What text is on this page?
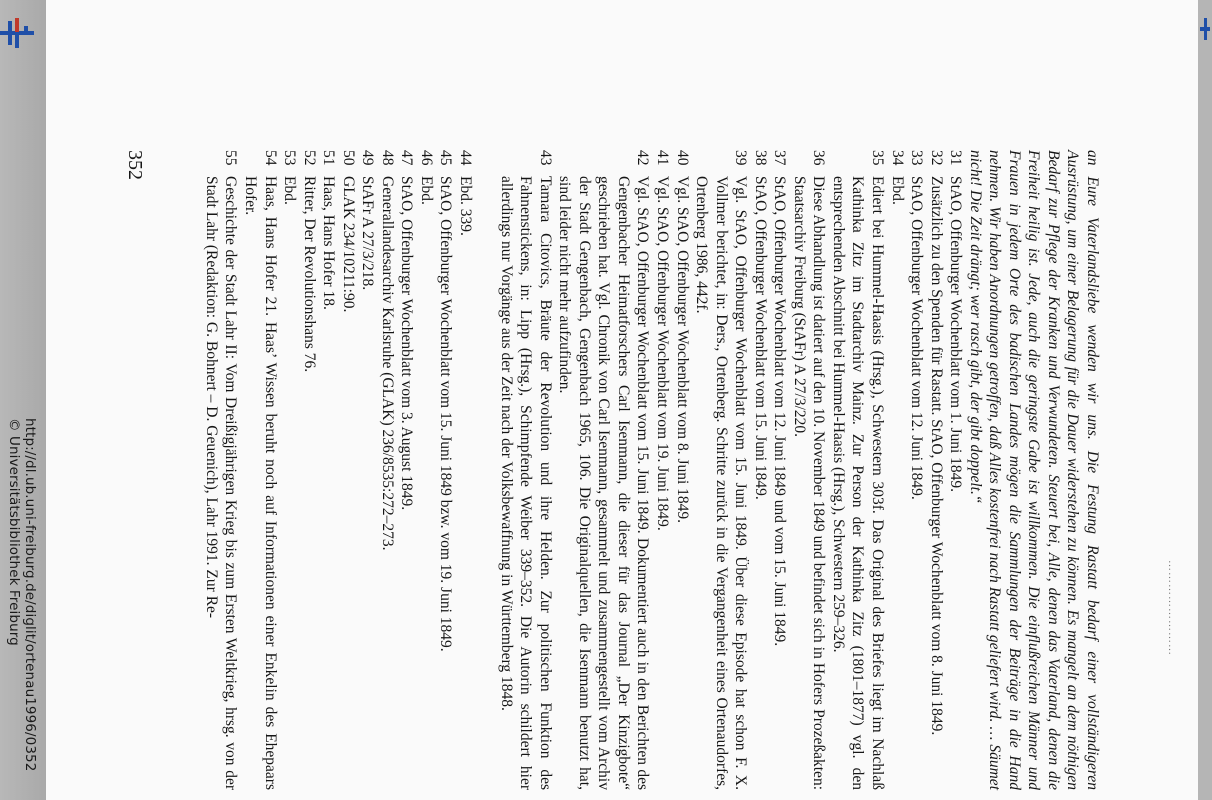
http://dl.ub.uni-freiburg.de/diglit/ortenau1996/0352
© Universitätsbibliothek Freiburg	……………………
an Eure Vaterlandsliebe wenden wir uns. Die Festung Rastatt bedarf einer vollständigeren Ausrüstung, um einer Belagerung für die Dauer widerstehen zu können. Es mangelt an dem nöthigen Bedarf zur Pflege der Kranken und Verwundeten. Steuert bei, Alle, denen das Vaterland, denen die Freiheit heilig ist. Jede, auch die geringste Gabe ist willkommen. Die einflußreichen Männer und Frauen in jedem Orte des badischen Landes mögen die Sammlungen der Beiträge in die Hand nehmen. Wir haben Anordnungen getroffen, daß Alles kostenfrei nach Rastatt geliefert wird. … Säumet nicht! Die Zeit drängt; wer rasch gibt, der gibt doppelt.“
31
StAO, Offenburger Wochenblatt vom 1. Juni 1849.
32
Zusätzlich zu den Spenden für Rastatt. StAO, Offenburger Wochenblatt vom 8. Juni 1849.
33
StAO, Offenburger Wochenblatt vom 12. Juni 1849.
34
Ebd.
35
Ediert bei Hummel-Haasis (Hrsg.), Schwestern 303f. Das Original des Briefes liegt im Nachlaß Kathinka Zitz im Stadtarchiv Mainz. Zur Person der Kathinka Zitz (1801–1877) vgl. den entsprechenden Abschnitt bei Hummel-Haasis (Hrsg.), Schwestern 259–326.
36
Diese Abhandlung ist datiert auf den 10. November 1849 und befindet sich in Hofers Prozeßakten: Staatsarchiv Freiburg (StAFr) A 27/3/220.
37
StAO, Offenburger Wochenblatt vom 12. Juni 1849 und vom 15. Juni 1849.
38
StAO, Offenburger Wochenblatt vom 15. Juni 1849.
39
Vgl. StAO, Offenburger Wochenblatt vom 15. Juni 1849. Über diese Episode hat schon F. X. Vollmer berichtet, in: Ders., Ortenberg. Schritte zurück in die Vergangenheit eines Ortenaudorfes, Ortenberg 1986, 442f.
40
Vgl. StAO, Offenburger Wochenblatt vom 8. Juni 1849.
41
Vgl. StAO, Offenburger Wochenblatt vom 19. Juni 1849.
42
Vgl. StAO, Offenburger Wochenblatt vom 15. Juni 1849. Dokumentiert auch in den Berichten des Gengenbacher Heimatforschers Carl Isenmann, die dieser für das Journal „Der Kinzigbote“ geschrieben hat. Vgl. Chronik von Carl Isenmann, gesammelt und zusammengestellt vom Archiv der Stadt Gengenbach, Gengenbach 1965, 106. Die Originalquellen, die Isenmann benutzt hat, sind leider nicht mehr aufzufinden.
43
Tamara Citovics, Bräute der Revolution und ihre Helden. Zur politischen Funktion des Fahnenstickens, in: Lipp (Hrsg.), Schimpfende Weiber 339–352. Die Autorin schildert hier allerdings nur Vorgänge aus der Zeit nach der Volksbewaffnung in Württemberg 1848.
44
Ebd. 339.
45
StAO, Offenburger Wochenblatt vom 15. Juni 1849 bzw. vom 19. Juni 1849.
46
Ebd.
47
StAO, Offenburger Wochenblatt vom 3. August 1849.
48
Generallandesarchiv Karlsruhe (GLAK) 236/8535:272–273.
49
StAFr A 27/3/218.
50
GLAK 234/10211:90.
51
Haas, Hans Hofer 18.
52
Ritter, Der Revolutionshans 76.
53
Ebd.
54
Haas, Hans Hofer 21. Haas’ Wissen beruht noch auf Informationen einer Enkelin des Ehepaars Hofer.
55
Geschichte der Stadt Lahr II: Vom Dreißigjährigen Krieg bis zum Ersten Weltkrieg, hrsg. von der Stadt Lahr (Redaktion: G. Bohnert – D. Geuenich), Lahr 1991. Zur Re-
352
